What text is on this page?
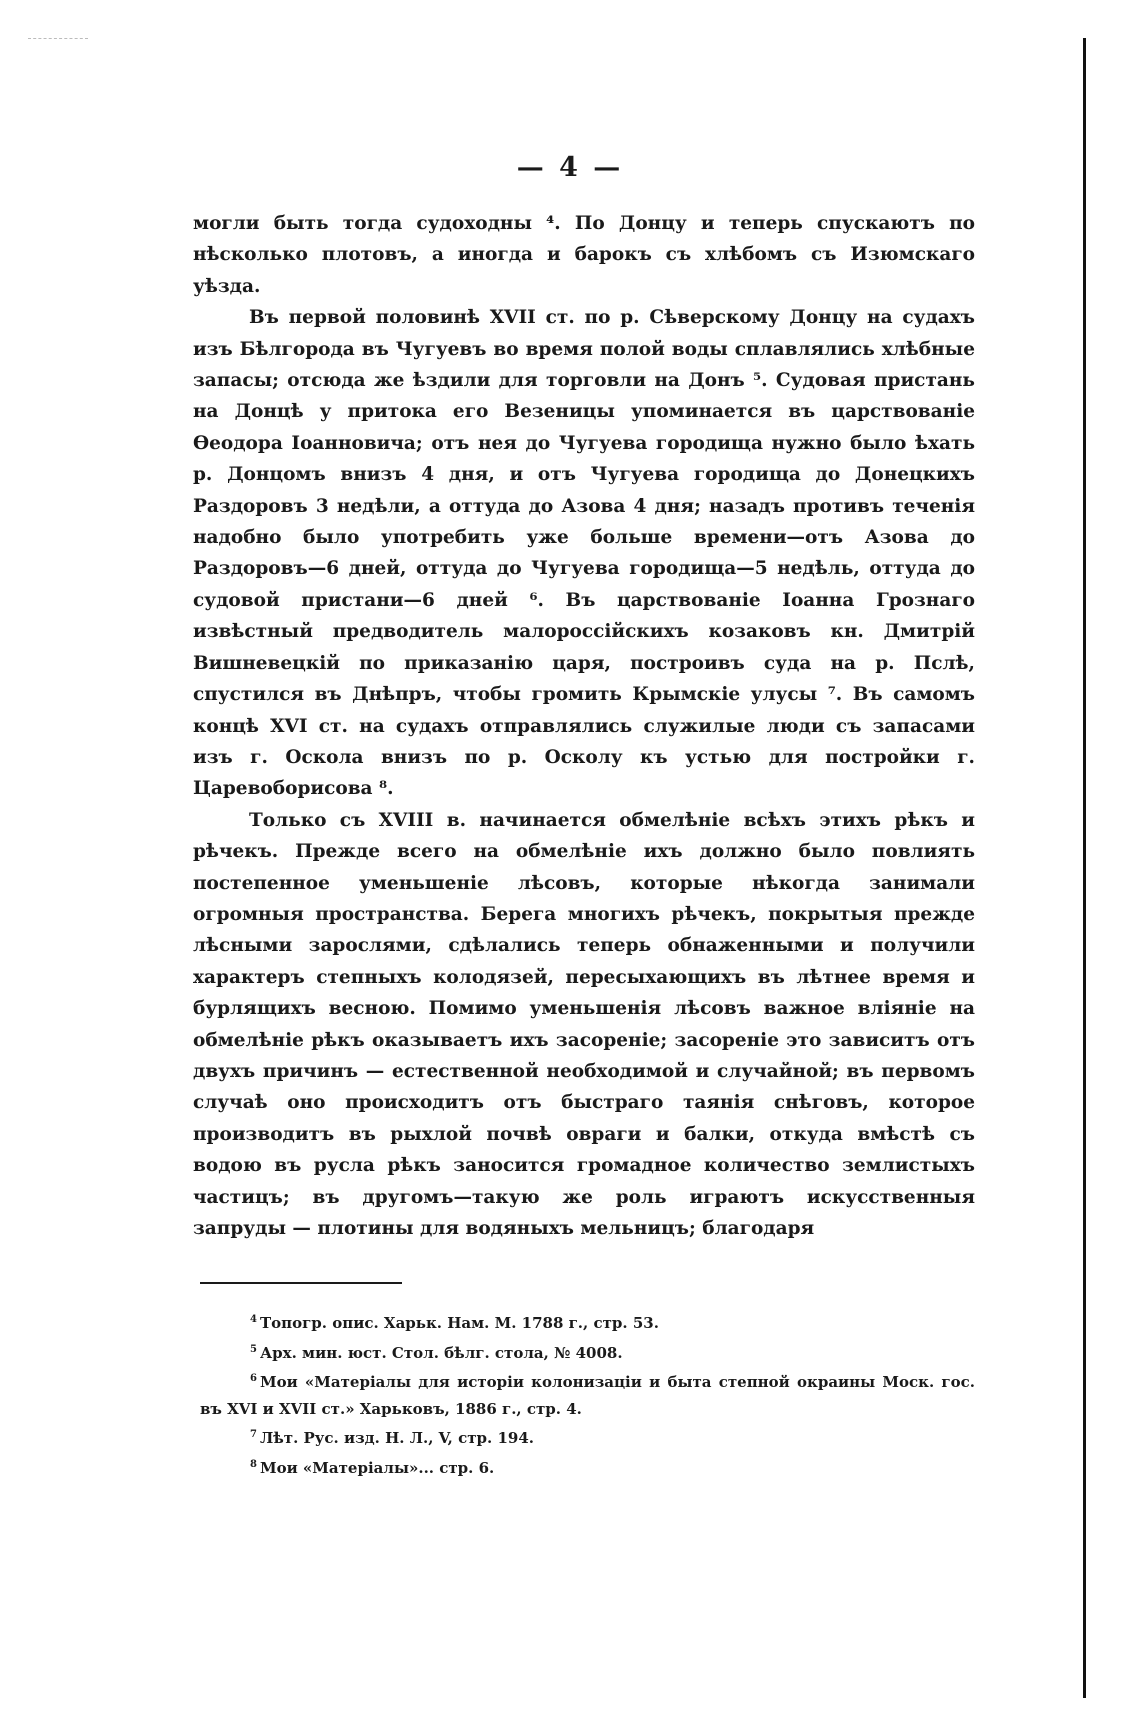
— 4 —

могли быть тогда судоходны ⁴. По Донцу и теперь спускаютъ по нѣсколько плотовъ, а иногда и барокъ съ хлѣбомъ съ Изюмскаго уѣзда.

Въ первой половинѣ XVII ст. по р. Сѣверскому Донцу на судахъ изъ Бѣлгорода въ Чугуевъ во время полой воды сплавлялись хлѣбные запасы; отсюда же ѣздили для торговли на Донъ ⁵. Судовая пристань на Донцѣ у притока его Везеницы упоминается въ царствованіе Ѳеодора Іоанновича; отъ нея до Чугуева городища нужно было ѣхать р. Донцомъ внизъ 4 дня, и отъ Чугуева городища до Донецкихъ Раздоровъ 3 недѣли, а оттуда до Азова 4 дня; назадъ противъ теченія надобно было употребить уже больше времени—отъ Азова до Раздоровъ—6 дней, оттуда до Чугуева городища—5 недѣль, оттуда до судовой пристани—6 дней ⁶. Въ царствованіе Іоанна Грознаго извѣстный предводитель малороссійскихъ козаковъ кн. Дмитрій Вишневецкій по приказанію царя, построивъ суда на р. Пслѣ, спустился въ Днѣпръ, чтобы громить Крымскіе улусы ⁷. Въ самомъ концѣ XVI ст. на судахъ отправлялись служилые люди съ запасами изъ г. Оскола внизъ по р. Осколу къ устью для постройки г. Царевоборисова ⁸.

Только съ XVIII в. начинается обмелѣніе всѣхъ этихъ рѣкъ и рѣчекъ. Прежде всего на обмелѣніе ихъ должно было повлиять постепенное уменьшеніе лѣсовъ, которые нѣкогда занимали огромныя пространства. Берега многихъ рѣчекъ, покрытыя прежде лѣсными зарослями, сдѣлались теперь обнаженными и получили характеръ степныхъ колодязей, пересыхающихъ въ лѣтнее время и бурлящихъ весною. Помимо уменьшенія лѣсовъ важное вліяніе на обмелѣніе рѣкъ оказываетъ ихъ засореніе; засореніе это зависитъ отъ двухъ причинъ — естественной необходимой и случайной; въ первомъ случаѣ оно происходитъ отъ быстраго таянія снѣговъ, которое производитъ въ рыхлой почвѣ овраги и балки, откуда вмѣстѣ съ водою въ русла рѣкъ заносится громадное количество землистыхъ частицъ; въ другомъ—такую же роль играютъ искусственныя запруды — плотины для водяныхъ мельницъ; благодаря

$^4$ Топогр. опис. Харьк. Нам. М. 1788 г., стр. 53.

$^5$ Арх. мин. юст. Стол. бѣлг. стола, № 4008.

$^6$ Мои «Матеріалы для исторіи колонизаціи и быта степной окраины Моск. гос. въ XVI и XVII ст.» Харьковъ, 1886 г., стр. 4.

$^7$ Лѣт. Рус. изд. Н. Л., V, стр. 194.

$^8$ Мои «Матеріалы»... стр. 6.
